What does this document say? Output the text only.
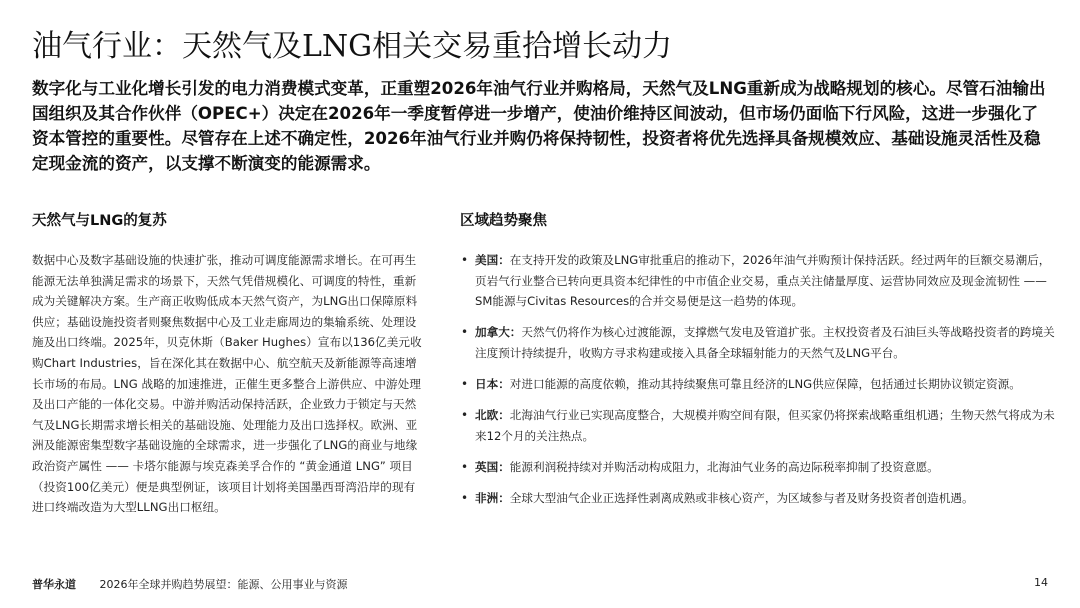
油气行业：天然气及LNG相关交易重拾增长动力

数字化与工业化增长引发的电力消费模式变革，正重塑2026年油气行业并购格局，天然气及LNG重新成为战略规划的核心。尽管石油输出国组织及其合作伙伴（OPEC+）决定在2026年一季度暂停进一步增产，使油价维持区间波动，但市场仍面临下行风险，这进一步强化了资本管控的重要性。尽管存在上述不确定性，2026年油气行业并购仍将保持韧性，投资者将优先选择具备规模效应、基础设施灵活性及稳定现金流的资产，以支撑不断演变的能源需求。

天然气与LNG的复苏

数据中心及数字基础设施的快速扩张，推动可调度能源需求增长。在可再生能源无法单独满足需求的场景下，天然气凭借规模化、可调度的特性，重新成为关键解决方案。生产商正收购低成本天然气资产，为LNG出口保障原料供应；基础设施投资者则聚焦数据中心及工业走廊周边的集输系统、处理设施及出口终端。2025年，贝克休斯（Baker Hughes）宣布以136亿美元收购Chart Industries，旨在深化其在数据中心、航空航天及新能源等高速增长市场的布局。LNG 战略的加速推进，正催生更多整合上游供应、中游处理及出口产能的一体化交易。中游并购活动保持活跃，企业致力于锁定与天然气及LNG长期需求增长相关的基础设施、处理能力及出口选择权。欧洲、亚洲及能源密集型数字基础设施的全球需求，进一步强化了LNG的商业与地缘政治资产属性 —— 卡塔尔能源与埃克森美孚合作的 “黄金通道 LNG” 项目（投资100亿美元）便是典型例证，该项目计划将美国墨西哥湾沿岸的现有进口终端改造为大型LLNG出口枢纽。

区域趋势聚焦
• 美国：在支持开发的政策及LNG审批重启的推动下，2026年油气并购预计保持活跃。经过两年的巨额交易潮后，页岩气行业整合已转向更具资本纪律性的中市值企业交易，重点关注储量厚度、运营协同效应及现金流韧性 —— SM能源与Civitas Resources的合并交易便是这一趋势的体现。
• 加拿大：天然气仍将作为核心过渡能源，支撑燃气发电及管道扩张。主权投资者及石油巨头等战略投资者的跨境关注度预计持续提升，收购方寻求构建或接入具备全球辐射能力的天然气及LNG平台。
• 日本：对进口能源的高度依赖，推动其持续聚焦可靠且经济的LNG供应保障，包括通过长期协议锁定资源。
• 北欧：北海油气行业已实现高度整合，大规模并购空间有限，但买家仍将探索战略重组机遇；生物天然气将成为未来12个月的关注热点。
• 英国：能源利润税持续对并购活动构成阻力，北海油气业务的高边际税率抑制了投资意愿。
• 非洲：全球大型油气企业正选择性剥离成熟或非核心资产，为区域参与者及财务投资者创造机遇。
普华永道 2026年全球并购趋势展望：能源、公用事业与资源	14
